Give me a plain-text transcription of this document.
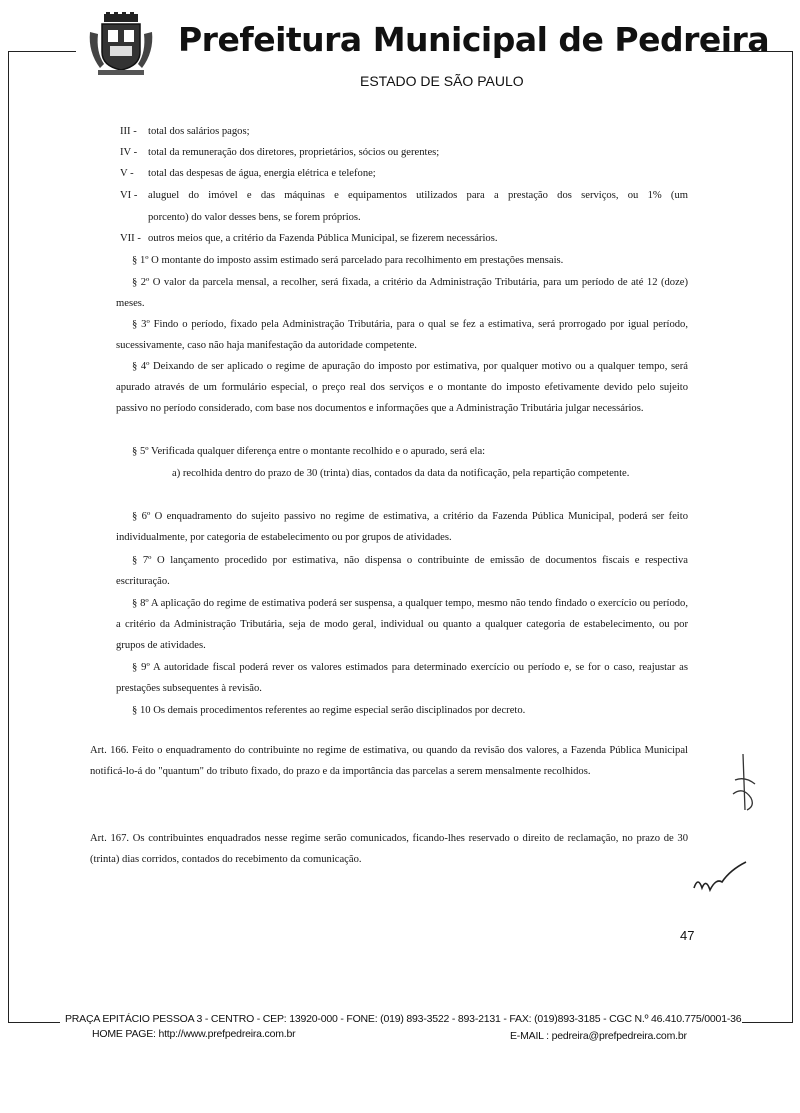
Prefeitura Municipal de Pedreira
ESTADO DE SÃO PAULO
III - total dos salários pagos;
IV - total da remuneração dos diretores, proprietários, sócios ou gerentes;
V - total das despesas de água, energia elétrica e telefone;
VI - aluguel do imóvel e das máquinas e equipamentos utilizados para a prestação dos serviços, ou 1% (um
porcento) do valor desses bens, se forem próprios.
VII - outros meios que, a critério da Fazenda Pública Municipal, se fizerem necessários.
§ 1º O montante do imposto assim estimado será parcelado para recolhimento em prestações mensais.
§ 2º O valor da parcela mensal, a recolher, será fixada, a critério da Administração Tributária, para um período de até 12 (doze) meses.
§ 3º Findo o período, fixado pela Administração Tributária, para o qual se fez a estimativa, será prorrogado por igual período, sucessivamente, caso não haja manifestação da autoridade competente.
§ 4º Deixando de ser aplicado o regime de apuração do imposto por estimativa, por qualquer motivo ou a qualquer tempo, será apurado através de um formulário especial, o preço real dos serviços e o montante do imposto efetivamente devido pelo sujeito passivo no período considerado, com base nos documentos e informações que a Administração Tributária julgar necessários.
§ 5º Verificada qualquer diferença entre o montante recolhido e o apurado, será ela:
a) recolhida dentro do prazo de 30 (trinta) dias, contados da data da notificação, pela repartição competente.
§ 6º O enquadramento do sujeito passivo no regime de estimativa, a critério da Fazenda Pública Municipal, poderá ser feito individualmente, por categoria de estabelecimento ou por grupos de atividades.
§ 7º O lançamento procedido por estimativa, não dispensa o contribuinte de emissão de documentos fiscais e respectiva escrituração.
§ 8º A aplicação do regime de estimativa poderá ser suspensa, a qualquer tempo, mesmo não tendo findado o exercício ou período, a critério da Administração Tributária, seja de modo geral, individual ou quanto a qualquer categoria de estabelecimento, ou por grupos de atividades.
§ 9º A autoridade fiscal poderá rever os valores estimados para determinado exercício ou período e, se for o caso, reajustar as prestações subsequentes à revisão.
§ 10 Os demais procedimentos referentes ao regime especial serão disciplinados por decreto.
Art. 166. Feito o enquadramento do contribuinte no regime de estimativa, ou quando da revisão dos valores, a Fazenda Pública Municipal notificá-lo-á do "quantum" do tributo fixado, do prazo e da importância das parcelas a serem mensalmente recolhidos.
Art. 167. Os contribuintes enquadrados nesse regime serão comunicados, ficando-lhes reservado o direito de reclamação, no prazo de 30 (trinta) dias corridos, contados do recebimento da comunicação.
47
PRAÇA EPITÁCIO PESSOA 3 - CENTRO - CEP: 13920-000 - FONE: (019) 893-3522 - 893-2131 - FAX: (019)893-3185 - CGC N.º 46.410.775/0001-36
HOME PAGE: http://www.prefpedreira.com.br	E-MAIL : pedreira@prefpedreira.com.br
